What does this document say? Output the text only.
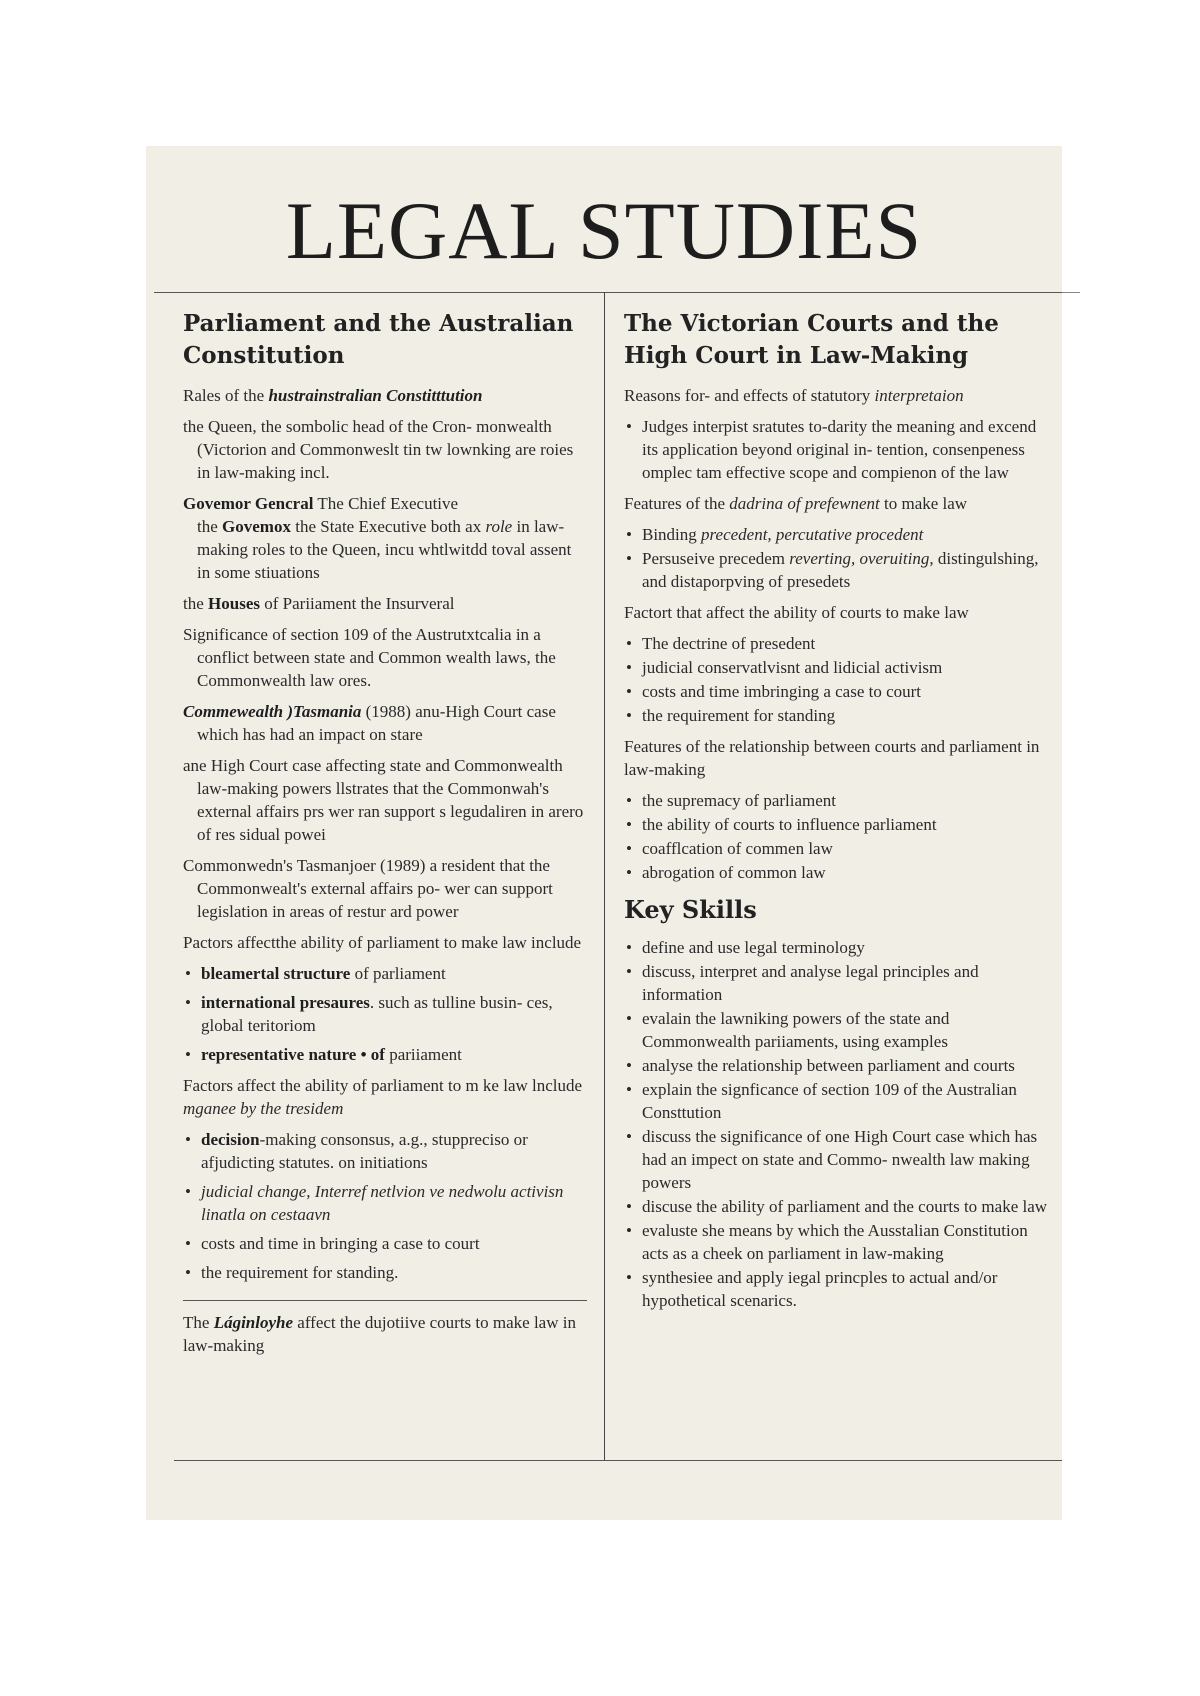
LEGAL STUDIES
Parliament and the Australian Constitution

Rales of the hustrainstralian Constitttution

the Queen, the sombolic head of the Cron- monwealth (Victorion and Commonweslt tin tw lownking are roies in law-making incl.

Govemor Gencral The Chief Executive
the Govemox the State Executive both ax role in law-making roles to the Queen, incu whtlwitdd toval assent in some stiuations

the Houses of Pariiament the Insurveral

Significance of section 109 of the Austrutxtcalia in a conflict between state and Common wealth laws, the Commonwealth law ores.

Commewealth )Tasmania (1988) anu-High Court case which has had an impact on stare

ane High Court case affecting state and Commonwealth law-making powers llstrates that the Commonwah's external affairs prs wer ran support s legudaliren in arero of res sidual powei

Commonwedn's Tasmanjoer (1989) a resident that the Commonwealt's external affairs po- wer can support legislation in areas of restur ard power

Pactors affectthe ability of parliament to make law include

• bleamertal structure of parliament
• international presaures. such as tulline busin- ces, global teritoriom
• representative nature • of pariiament

Factors affect the ability of parliament to m ke law lnclude mganee by the tresidem

• decision-making consonsus, a.g., stuppreciso or afjudicting statutes. on initiations
• judicial change, Interref netlvion ve nedwolu activisn linatla on cestaavn
• costs and time in bringing a case to court
• the requirement for standing.

The Láginloyhe affect the dujotiive courts to make law in law-making

The Victorian Courts and the High Court in Law-Making

Reasons for- and effects of statutory interpretaion

• Judges interpist sratutes to-darity the meaning and excend its application beyond original in- tention, consenpeness omplec tam effective scope and compienon of the law

Features of the dadrina of prefewnent to make law

• Binding precedent, percutative procedent
• Persuseive precedem reverting, overuiting, distingulshing, and distaporpving of presedets

Factort that affect the ability of courts to make law

• The dectrine of presedent
• judicial conservatlvisnt and lidicial activism
• costs and time imbringing a case to court
• the requirement for standing

Features of the relationship between courts and parliament in law-making

• the supremacy of parliament
• the ability of courts to influence parliament
• coafflcation of commen law
• abrogation of common law
Key Skills
• define and use legal terminology
• discuss, interpret and analyse legal principles and information
• evalain the lawniking powers of the state and Commonwealth pariiaments, using examples
• analyse the relationship between parliament and courts
• explain the signficance of section 109 of the Australian Consttution
• discuss the significance of one High Court case which has had an impect on state and Commo- nwealth law making powers
• discuse the ability of parliament and the courts to make law
• evaluste she means by which the Ausstalian Constitution acts as a cheek on parliament in law-making
• synthesiee and apply iegal princples to actual and/or hypothetical scenarics.
